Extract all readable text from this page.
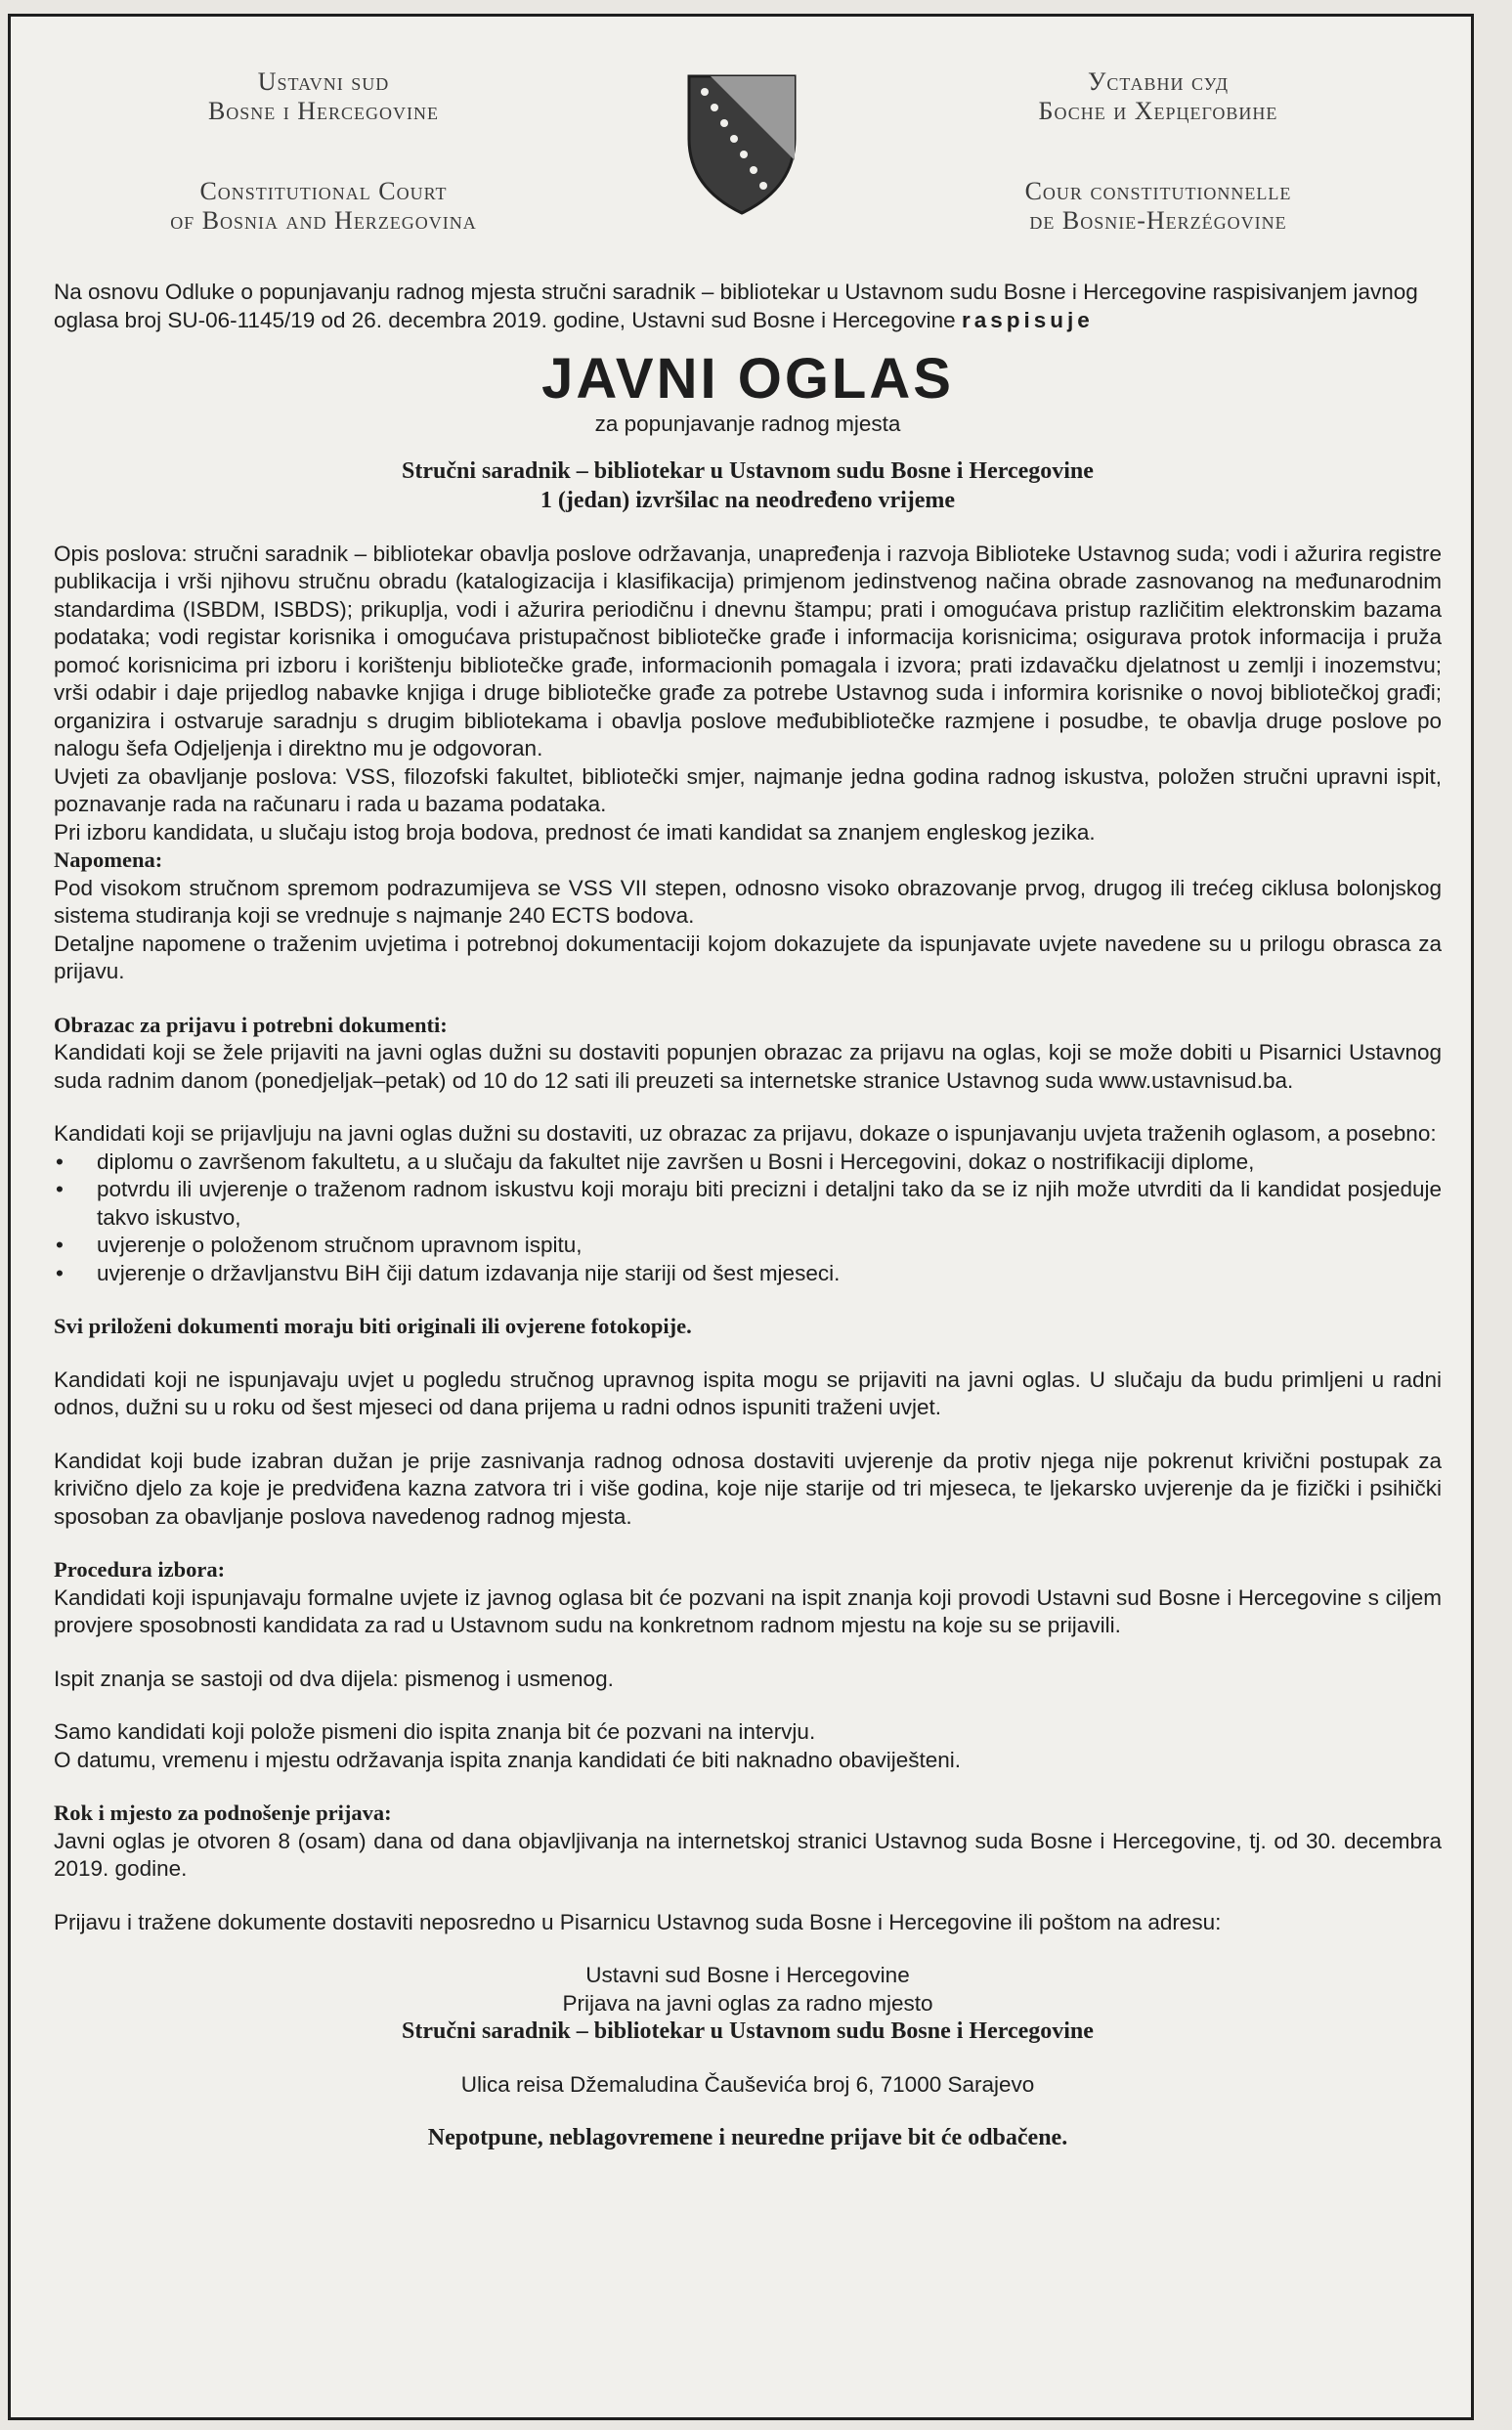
Ustavni sud
Bosne i Hercegovine
Constitutional Court
of Bosnia and Herzegovina
Уставни суд
Босне и Херцеговине
Cour constitutionnelle
de Bosnie-Herzégovine

Na osnovu Odluke o popunjavanju radnog mjesta stručni saradnik – bibliotekar u Ustavnom sudu Bosne i Hercegovine raspisivanjem javnog oglasa broj SU-06-1145/19 od 26. decembra 2019. godine, Ustavni sud Bosne i Hercegovine raspisuje

JAVNI OGLAS
za popunjavanje radnog mjesta
Stručni saradnik – bibliotekar u Ustavnom sudu Bosne i Hercegovine
1 (jedan) izvršilac na neodređeno vrijeme

Opis poslova: stručni saradnik – bibliotekar obavlja poslove održavanja, unapređenja i razvoja Biblioteke Ustavnog suda; vodi i ažurira registre publikacija i vrši njihovu stručnu obradu (katalogizacija i klasifikacija) primjenom jedinstvenog načina obrade zasnovanog na međunarodnim standardima (ISBDM, ISBDS); prikuplja, vodi i ažurira periodičnu i dnevnu štampu; prati i omogućava pristup različitim elektronskim bazama podataka; vodi registar korisnika i omogućava pristupačnost bibliotečke građe i informacija korisnicima; osigurava protok informacija i pruža pomoć korisnicima pri izboru i korištenju bibliotečke građe, informacionih pomagala i izvora; prati izdavačku djelatnost u zemlji i inozemstvu; vrši odabir i daje prijedlog nabavke knjiga i druge bibliotečke građe za potrebe Ustavnog suda i informira korisnike o novoj bibliotečkoj građi; organizira i ostvaruje saradnju s drugim bibliotekama i obavlja poslove međubibliotečke razmjene i posudbe, te obavlja druge poslove po nalogu šefa Odjeljenja i direktno mu je odgovoran.

Uvjeti za obavljanje poslova: VSS, filozofski fakultet, bibliotečki smjer, najmanje jedna godina radnog iskustva, položen stručni upravni ispit, poznavanje rada na računaru i rada u bazama podataka.

Pri izboru kandidata, u slučaju istog broja bodova, prednost će imati kandidat sa znanjem engleskog jezika.

Napomena:

Pod visokom stručnom spremom podrazumijeva se VSS VII stepen, odnosno visoko obrazovanje prvog, drugog ili trećeg ciklusa bolonjskog sistema studiranja koji se vrednuje s najmanje 240 ECTS bodova.

Detaljne napomene o traženim uvjetima i potrebnoj dokumentaciji kojom dokazujete da ispunjavate uvjete navedene su u prilogu obrasca za prijavu.

Obrazac za prijavu i potrebni dokumenti:

Kandidati koji se žele prijaviti na javni oglas dužni su dostaviti popunjen obrazac za prijavu na oglas, koji se može dobiti u Pisarnici Ustavnog suda radnim danom (ponedjeljak–petak) od 10 do 12 sati ili preuzeti sa internetske stranice Ustavnog suda www.ustavnisud.ba.

Kandidati koji se prijavljuju na javni oglas dužni su dostaviti, uz obrazac za prijavu, dokaze o ispunjavanju uvjeta traženih oglasom, a posebno:

• diplomu o završenom fakultetu, a u slučaju da fakultet nije završen u Bosni i Hercegovini, dokaz o nostrifikaciji diplome,
• potvrdu ili uvjerenje o traženom radnom iskustvu koji moraju biti precizni i detaljni tako da se iz njih može utvrditi da li kandidat posjeduje takvo iskustvo,
• uvjerenje o položenom stručnom upravnom ispitu,
• uvjerenje o državljanstvu BiH čiji datum izdavanja nije stariji od šest mjeseci.

Svi priloženi dokumenti moraju biti originali ili ovjerene fotokopije.

Kandidati koji ne ispunjavaju uvjet u pogledu stručnog upravnog ispita mogu se prijaviti na javni oglas. U slučaju da budu primljeni u radni odnos, dužni su u roku od šest mjeseci od dana prijema u radni odnos ispuniti traženi uvjet.

Kandidat koji bude izabran dužan je prije zasnivanja radnog odnosa dostaviti uvjerenje da protiv njega nije pokrenut krivični postupak za krivično djelo za koje je predviđena kazna zatvora tri i više godina, koje nije starije od tri mjeseca, te ljekarsko uvjerenje da je fizički i psihički sposoban za obavljanje poslova navedenog radnog mjesta.

Procedura izbora:

Kandidati koji ispunjavaju formalne uvjete iz javnog oglasa bit će pozvani na ispit znanja koji provodi Ustavni sud Bosne i Hercegovine s ciljem provjere sposobnosti kandidata za rad u Ustavnom sudu na konkretnom radnom mjestu na koje su se prijavili.

Ispit znanja se sastoji od dva dijela: pismenog i usmenog.

Samo kandidati koji polože pismeni dio ispita znanja bit će pozvani na intervju.

O datumu, vremenu i mjestu održavanja ispita znanja kandidati će biti naknadno obaviješteni.

Rok i mjesto za podnošenje prijava:

Javni oglas je otvoren 8 (osam) dana od dana objavljivanja na internetskoj stranici Ustavnog suda Bosne i Hercegovine, tj. od 30. decembra 2019. godine.

Prijavu i tražene dokumente dostaviti neposredno u Pisarnicu Ustavnog suda Bosne i Hercegovine ili poštom na adresu:

Ustavni sud Bosne i Hercegovine

Prijava na javni oglas za radno mjesto

Stručni saradnik – bibliotekar u Ustavnom sudu Bosne i Hercegovine

Ulica reisa Džemaludina Čauševića broj 6, 71000 Sarajevo

Nepotpune, neblagovremene i neuredne prijave bit će odbačene.
